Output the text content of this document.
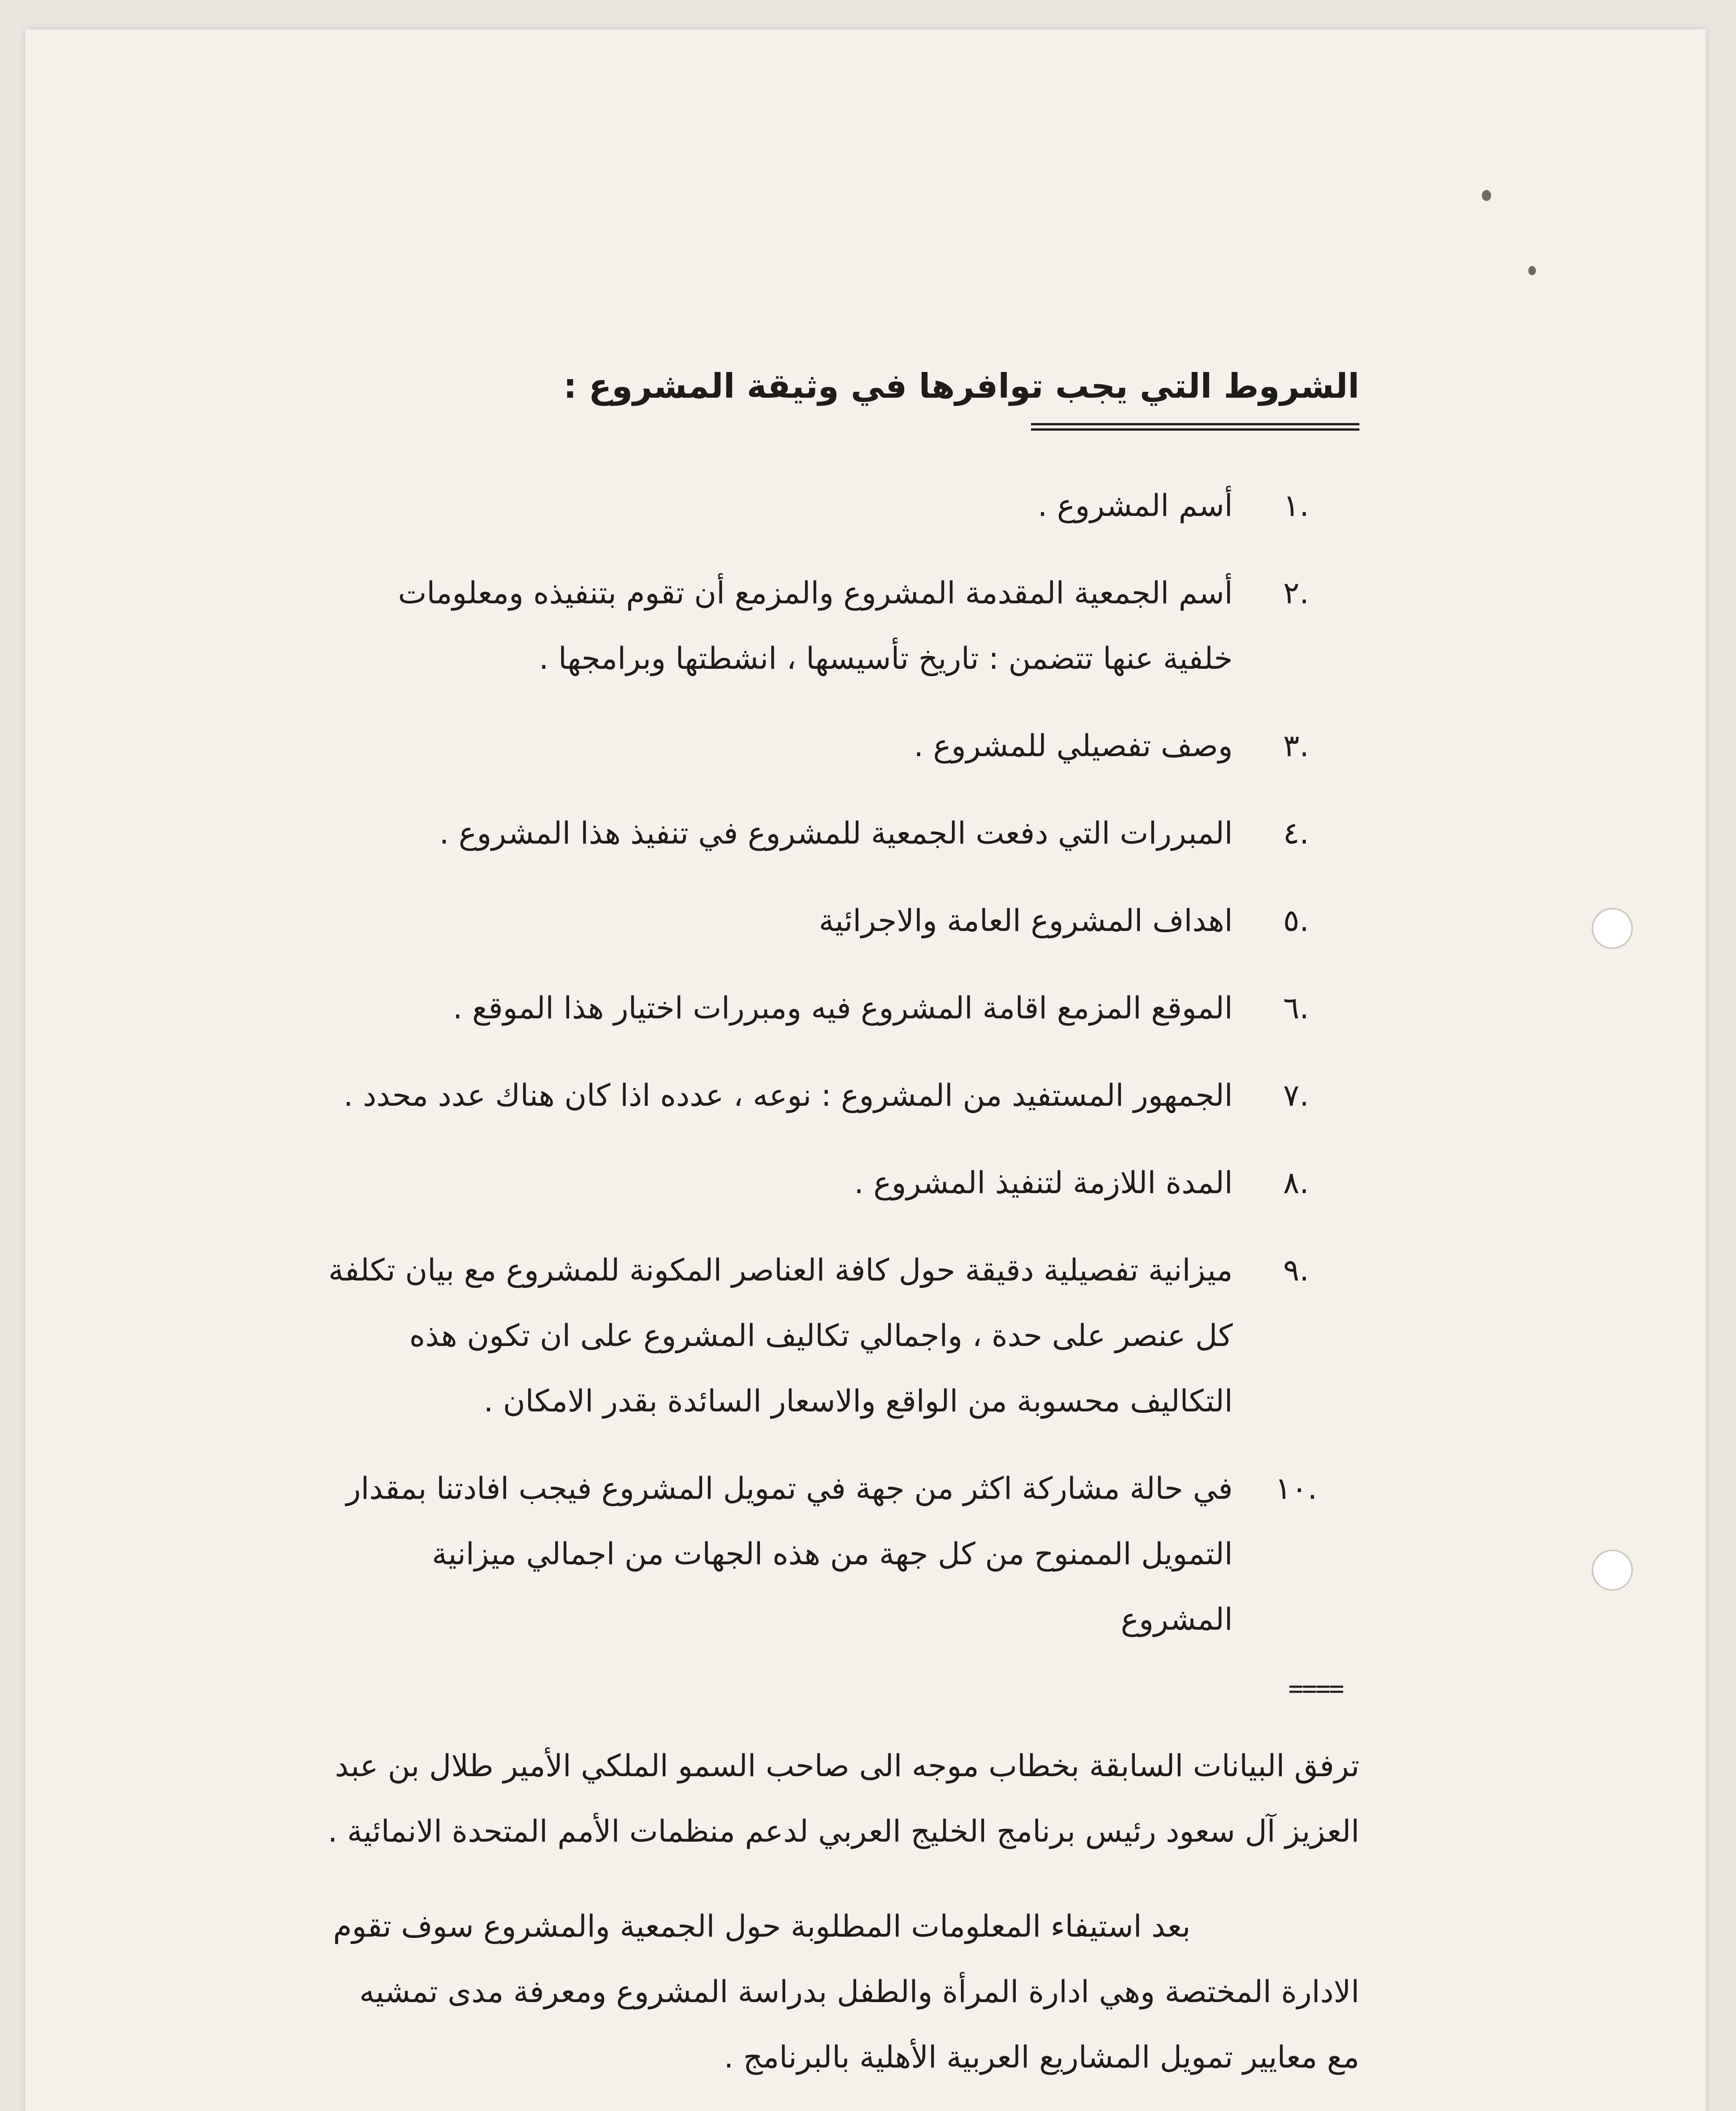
الشروط التي يجب توافرها في وثيقة المشروع :
========================
١.
أسم المشروع .
٢.
أسم الجمعية المقدمة المشروع والمزمع أن تقوم بتنفيذه ومعلومات خلفية عنها تتضمن : تاريخ تأسيسها ، انشطتها وبرامجها .
٣.
وصف تفصيلي للمشروع .
٤.
المبررات التي دفعت الجمعية للمشروع في تنفيذ هذا المشروع .
٥.
اهداف المشروع العامة والاجرائية
٦.
الموقع المزمع اقامة المشروع فيه ومبررات اختيار هذا الموقع .
٧.
الجمهور المستفيد من المشروع : نوعه ، عدده اذا كان هناك عدد محدد .
٨.
المدة اللازمة لتنفيذ المشروع .
٩.
ميزانية تفصيلية دقيقة حول كافة العناصر المكونة للمشروع مع بيان تكلفة كل عنصر على حدة ، واجمالي تكاليف المشروع على ان تكون هذه التكاليف محسوبة من الواقع والاسعار السائدة بقدر الامكان .
١٠.
في حالة مشاركة اكثر من جهة في تمويل المشروع فيجب افادتنا بمقدار التمويل الممنوح من كل جهة من هذه الجهات من اجمالي ميزانية المشروع
====

ترفق البيانات السابقة بخطاب موجه الى صاحب السمو الملكي الأمير طلال بن عبد العزيز آل سعود رئيس برنامج الخليج العربي لدعم منظمات الأمم المتحدة الانمائية .

بعد استيفاء المعلومات المطلوبة حول الجمعية والمشروع سوف تقوم الادارة المختصة وهي ادارة المرأة والطفل بدراسة المشروع ومعرفة مدى تمشيه مع معايير تمويل المشاريع العربية الأهلية بالبرنامج .
